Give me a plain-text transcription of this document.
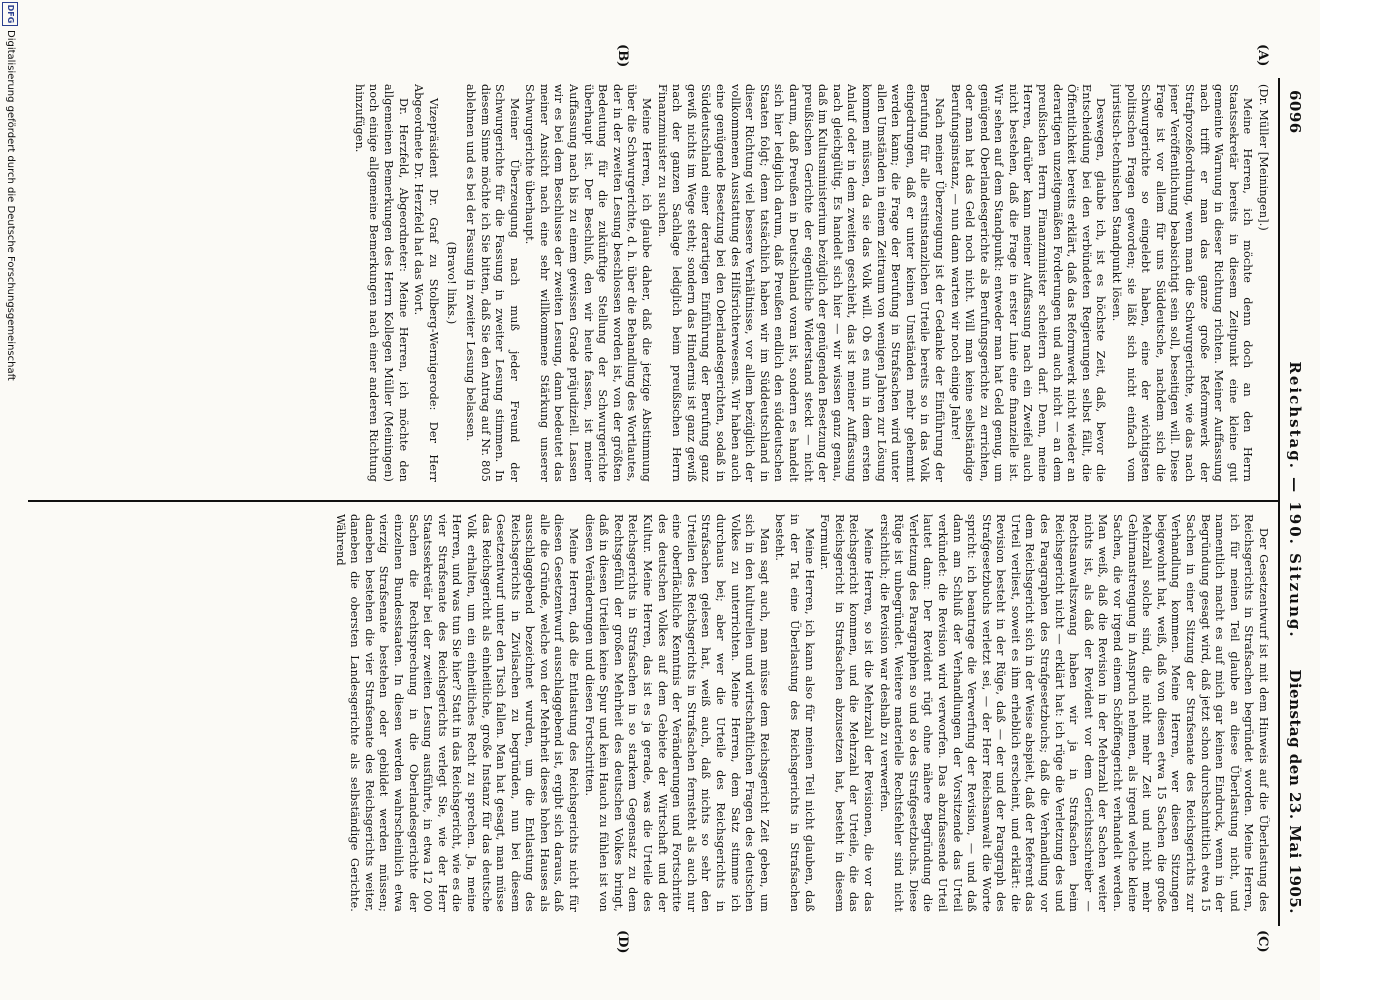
6096
Reichstag. — 190. Sitzung.
Dienstag den 23. Mai 1905.
(A)
(B)
(C)
(D)

(Dr. Müller [Meiningen].)

Meine Herren, ich möchte denn doch an den Herrn Staatssekretär bereits in diesem Zeitpunkt eine kleine gut gemeinte Warnung in dieser Richtung richten. Meiner Auffassung nach trifft er man das ganze große Reformwerk der Strafprozeßordnung, wenn man die Schwurgerichte, wie das nach jener Veröffentlichung beabsichtigt sein soll, beseitigen will. Diese Frage ist vor allem für uns Süddeutsche, nachdem sich die Schwurgerichte so eingelebt haben, eine der wichtigsten politischen Fragen geworden; sie läßt sich nicht einfach vom juristisch-technischen Standpunkt lösen.

Deswegen, glaube ich, ist es höchste Zeit, daß, bevor die Entscheidung bei den verbündeten Regierungen selbst fällt, die Öffentlichkeit bereits erklärt, daß das Reformwerk nicht wieder an derartigen unzeitgemäßen Forderungen und auch nicht — an dem preußischen Herrn Finanzminister scheitern darf. Denn, meine Herren, darüber kann meiner Auffassung nach ein Zweifel auch nicht bestehen, daß die Frage in erster Linie eine finanzielle ist. Wir sehen auf dem Standpunkt: entweder man hat Geld genug, um genügend Oberlandesgerichte als Berufungsgerichte zu errichten, oder man hat das Geld noch nicht. Will man keine selbständige Berufungsinstanz, — nun dann warten wir noch einige Jahre!

Nach meiner Überzeugung ist der Gedanke der Einführung der Berufung für alle erstinstanzlichen Urteile bereits so in das Volk eingedrungen, daß er unter keinen Umständen mehr gehemmt werden kann; die Frage der Berufung in Strafsachen wird unter allen Umständen in einem Zeitraum von wenigen Jahren zur Lösung kommen müssen, da sie das Volk will. Ob es nun in dem ersten Anlauf oder in dem zweiten geschieht, das ist meiner Auffassung nach gleichgültig. Es handelt sich hier — wir wissen ganz genau, daß im Kultusministerium bezüglich der genügenden Besetzung der preußischen Gerichte der eigentliche Widerstand steckt — nicht darum, daß Preußen in Deutschland voran ist, sondern es handelt sich hier lediglich darum, daß Preußen endlich den süddeutschen Staaten folgt; denn tatsächlich haben wir im Süddeutschland in dieser Richtung viel bessere Verhältnisse, vor allem bezüglich der vollkommenen Ausstattung des Hilfsrichterwesens. Wir haben auch eine genügende Besetzung bei den Oberlandesgerichten, sodaß in Süddeutschland einer derartigen Einführung der Berufung ganz gewiß nichts im Wege steht; sondern das Hindernis ist ganz gewiß nach der ganzen Sachlage lediglich beim preußischen Herrn Finanzminister zu suchen.

Meine Herren, ich glaube daher, daß die jetzige Abstimmung über die Schwurgerichte, d. h. über die Behandlung des Wortlautes, der in der zweiten Lesung beschlossen worden ist, von der größten Bedeutung für die zukünftige Stellung der Schwurgerichte überhaupt ist. Der Beschluß, den wir heute fassen, ist meiner Auffassung nach bis zu einem gewissen Grade präjudiziell. Lassen wir es bei dem Beschlusse der zweiten Lesung, dann bedeutet das meiner Ansicht nach eine sehr willkommene Stärkung unserer Schwurgerichte überhaupt.

Meiner Überzeugung nach muß jeder Freund der Schwurgerichte für die Fassung in zweiter Lesung stimmen. In diesem Sinne möchte ich Sie bitten, daß Sie den Antrag auf Nr. 805 ablehnen und es bei der Fassung in zweiter Lesung belassen.

(Bravo! links.)

Vizepräsident Dr. Graf zu Stolberg-Wernigerode: Der Herr Abgeordnete Dr. Herzfeld hat das Wort.

Dr. Herzfeld, Abgeordneter: Meine Herren, ich möchte den allgemeinen Bemerkungen des Herrn Kollegen Müller (Meiningen) noch einige allgemeine Bemerkungen nach einer anderen Richtung hinzufügen.

Der Gesetzentwurf ist mit dem Hinweis auf die Überlastung des Reichsgerichts in Strafsachen begründet worden. Meine Herren, ich für meinen Teil glaube an diese Überlastung nicht, und namentlich macht es auf mich gar keinen Eindruck, wenn in der Begründung gesagt wird, daß jetzt schon durchschnittlich etwa 15 Sachen in einer Sitzung der Strafsenate des Reichsgerichts zur Verhandlung kommen. Meine Herren, wer diesen Sitzungen beigewohnt hat, weiß, daß von diesen etwa 15 Sachen die große Mehrzahl solche sind, die nicht mehr Zeit und nicht mehr Gehirnanstrengung in Anspruch nehmen, als irgend welche kleine Sachen, die vor irgend einem Schöffengericht verhandelt werden. Man weiß, daß die Revision in der Mehrzahl der Sachen weiter nichts ist, als daß der Revident vor dem Gerichtsschreiber — Rechtsanwaltszwang haben wir ja in Strafsachen beim Reichsgericht nicht — erklärt hat: ich rüge die Verletzung des und des Paragraphen des Strafgesetzbuchs; daß die Verhandlung vor dem Reichsgericht sich in der Weise abspielt, daß der Referent das Urteil verliest, soweit es ihm erheblich erscheint, und erklärt: die Revision besteht in der Rüge, daß — der und der Paragraph des Strafgesetzbuchs verletzt sei, — der Herr Reichsanwalt die Worte spricht: ich beantrage die Verwerfung der Revision, — und daß dann am Schluß der Verhandlungen der Vorsitzende das Urteil verkündet: die Revision wird verworfen. Das abzufassende Urteil lautet dann: Der Revident rügt ohne nähere Begründung die Verletzung des Paragraphen so und so des Strafgesetzbuchs. Diese Rüge ist unbegründet. Weitere materielle Rechtsfehler sind nicht ersichtlich; die Revision war deshalb zu verwerfen.

Meine Herren, so ist die Mehrzahl der Revisionen, die vor das Reichsgericht kommen, und die Mehrzahl der Urteile, die das Reichsgericht in Strafsachen abzusetzen hat, besteht in diesem Formular.

Meine Herren, ich kann also für meinen Teil nicht glauben, daß in der Tat eine Überlastung des Reichsgerichts in Strafsachen besteht.

Man sagt auch, man müsse dem Reichsgericht Zeit geben, um sich in den kulturellen und wirtschaftlichen Fragen des deutschen Volkes zu unterrichten. Meine Herren, dem Satz stimme ich durchaus bei; aber wer die Urteile des Reichsgerichts in Strafsachen gelesen hat, weiß auch, daß nichts so sehr den Urteilen des Reichsgerichts in Strafsachen fernsteht als auch nur eine oberflächliche Kenntnis der Veränderungen und Fortschritte des deutschen Volkes auf dem Gebiete der Wirtschaft und der Kultur. Meine Herren, das ist es ja gerade, was die Urteile des Reichsgerichts in Strafsachen in so starkem Gegensatz zu dem Rechtsgefühl der großen Mehrheit des deutschen Volkes bringt, daß in diesen Urteilen keine Spur und kein Hauch zu fühlen ist von diesen Veränderungen und diesen Fortschritten.

Meine Herren, daß die Entlastung des Reichsgerichts nicht für diesen Gesetzentwurf ausschlaggebend ist, ergibt sich daraus, daß alle die Gründe, welche von der Mehrheit dieses hohen Hauses als ausschlaggebend bezeichnet wurden, um die Entlastung des Reichsgerichts in Zivilsachen zu begründen, nun bei diesem Gesetzentwurf unter den Tisch fallen. Man hat gesagt, man müsse das Reichsgericht als einheitliche, große Instanz für das deutsche Volk erhalten, um ein einheitliches Recht zu sprechen. Ja, meine Herren, und was tun Sie hier? Statt in das Reichsgericht, wie es die vier Strafsenate des Reichsgerichts verlegt Sie, wie der Herr Staatssekretär bei der zweiten Lesung ausführte, in etwa 12 000 Sachen die Rechtsprechung in die Oberlandesgerichte der einzelnen Bundesstaaten. In diesen werden wahrscheinlich etwa vierzig Strafsenate bestehen oder gebildet werden müssen; daneben bestehen die vier Strafsenate des Reichsgerichts weiter, daneben die obersten Landesgerichte als selbständige Gerichte. Während

DFG
Digitalisierung gefördert durch die Deutsche Forschungsgemeinschaft
